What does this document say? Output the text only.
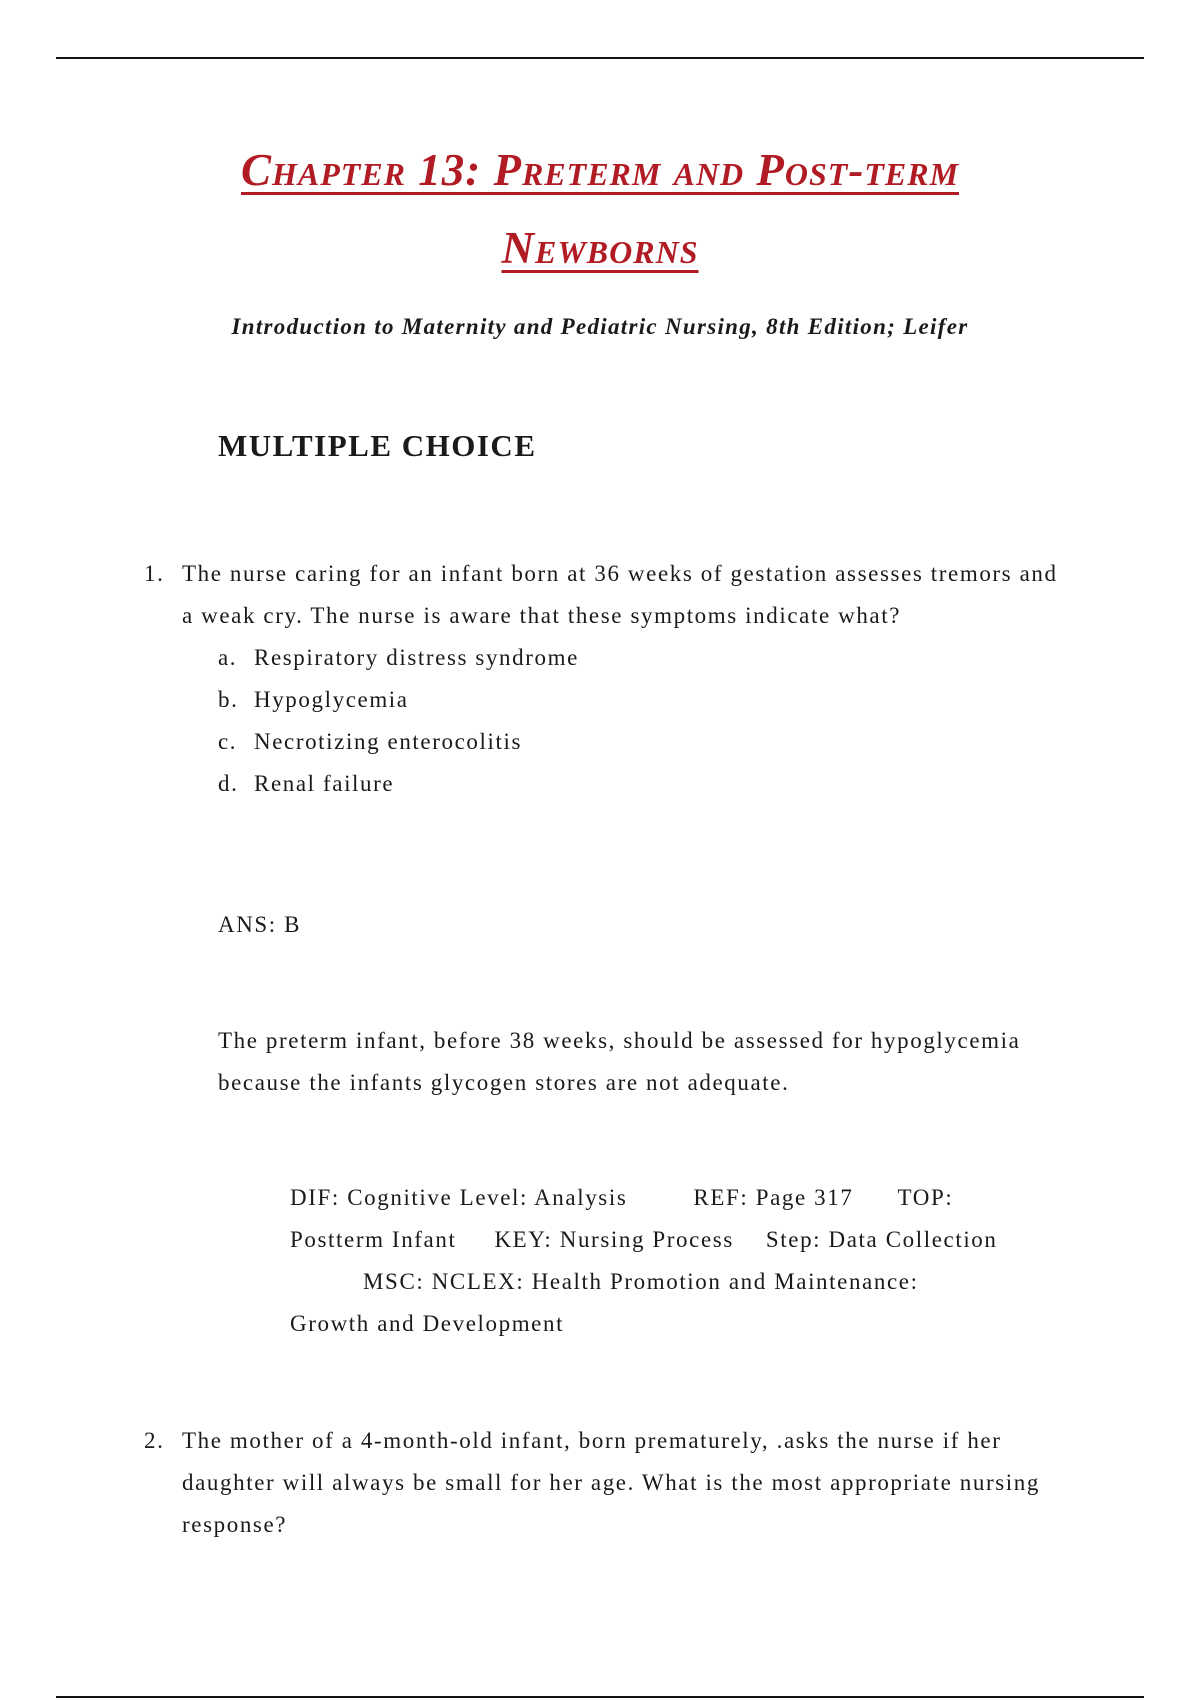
Chapter 13: Preterm and Post-term
Newborns

Introduction to Maternity and Pediatric Nursing, 8th Edition; Leifer

MULTIPLE CHOICE
1. The nurse caring for an infant born at 36 weeks of gestation assesses tremors and a weak cry. The nurse is aware that these symptoms indicate what?

a. Respiratory distress syndrome
b. Hypoglycemia
c. Necrotizing enterocolitis
d. Renal failure

ANS: B

The preterm infant, before 38 weeks, should be assessed for hypoglycemia because the infants glycogen stores are not adequate.

DIF: Cognitive Level: Analysis	REF: Page 317 TOP:
Postterm Infant KEY: Nursing Process Step: Data Collection
MSC: NCLEX: Health Promotion and Maintenance:
Growth and Development
2. The mother of a 4-month-old infant, born prematurely, .asks the nurse if her daughter will always be small for her age. What is the most appropriate nursing response?
